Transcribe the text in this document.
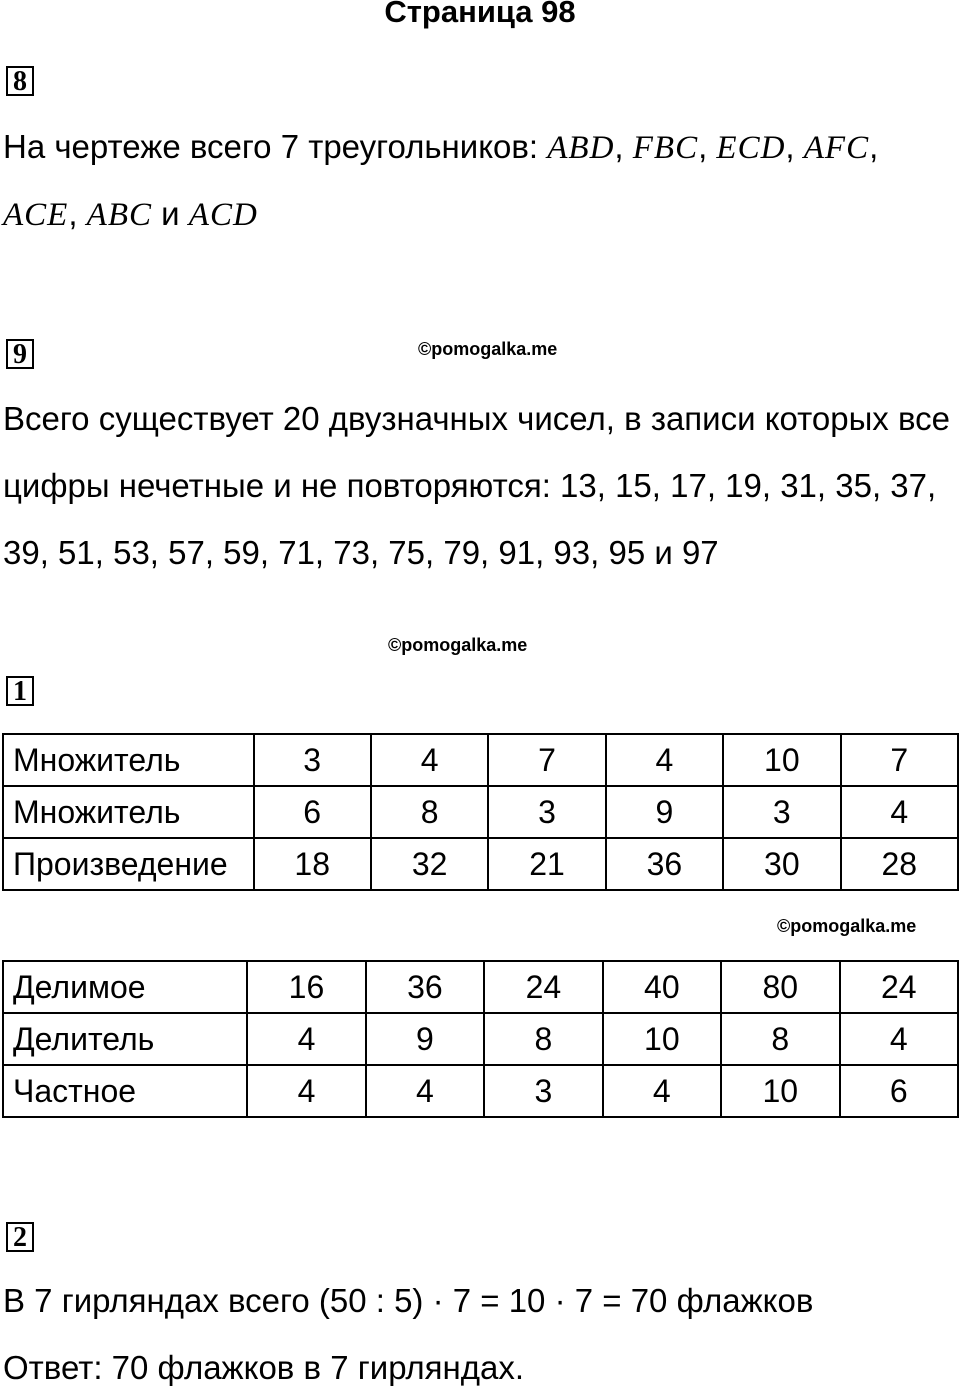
Страница 98
8
На чертеже всего 7 треугольников: ABD, FBC, ECD, AFC,
ACE, ABC и ACD
9	©pomogalka.me
Всего существует 20 двузначных чисел, в записи которых все
цифры нечетные и не повторяются: 13, 15, 17, 19, 31, 35, 37,
39, 51, 53, 57, 59, 71, 73, 75, 79, 91, 93, 95 и 97
©pomogalka.me
1
Множитель	3	4	7	4	10	7
Множитель	6	8	3	9	3	4
Произведение	18	32	21	36	30	28
©pomogalka.me
Делимое	16	36	24	40	80	24
Делитель	4	9	8	10	8	4
Частное	4	4	3	4	10	6
2
В 7 гирляндах всего (50 : 5) · 7 = 10 · 7 = 70 флажков
Ответ: 70 флажков в 7 гирляндах.
